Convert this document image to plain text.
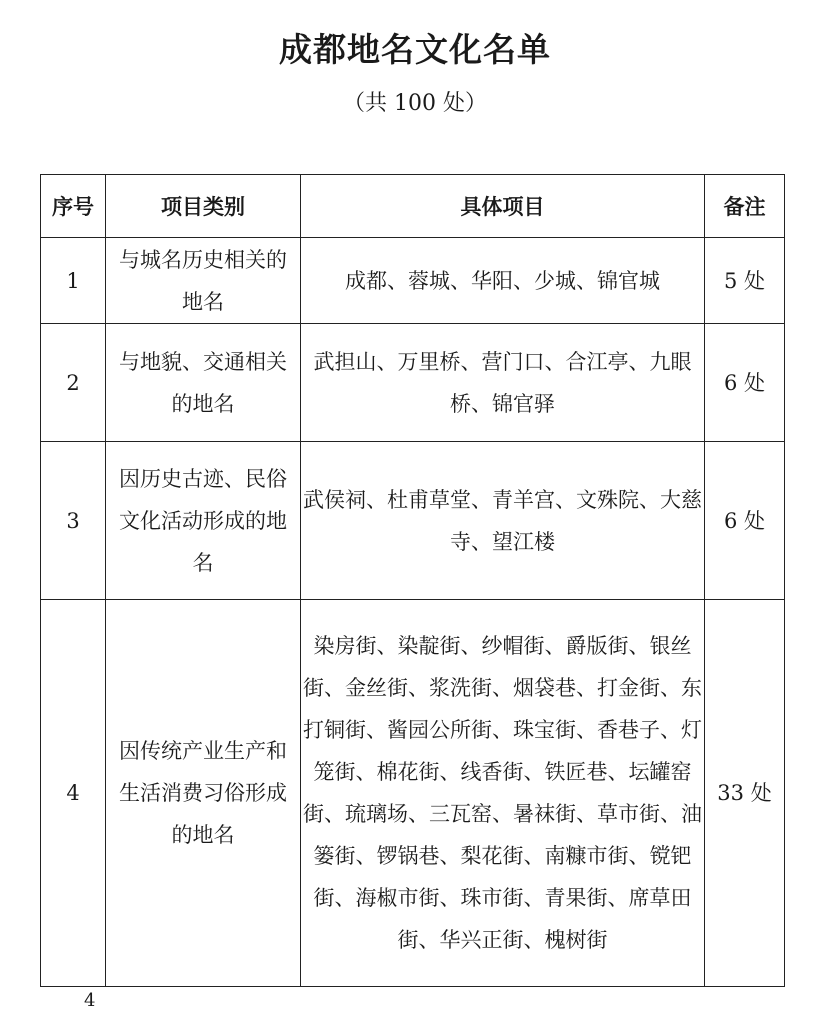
成都地名文化名单
（共 100 处）
序号	项目类别	具体项目	备注
1	与城名历史相关的地名	成都、蓉城、华阳、少城、锦官城	5 处
2	与地貌、交通相关的地名	武担山、万里桥、营门口、合江亭、九眼桥、锦官驿	6 处
3	因历史古迹、民俗文化活动形成的地名	武侯祠、杜甫草堂、青羊宫、文殊院、大慈寺、望江楼	6 处
4	因传统产业生产和生活消费习俗形成的地名	染房街、染靛街、纱帽街、爵版街、银丝街、金丝街、浆洗街、烟袋巷、打金街、东打铜街、酱园公所街、珠宝街、香巷子、灯笼街、棉花街、线香街、铁匠巷、坛罐窑街、琉璃场、三瓦窑、暑袜街、草市街、油篓街、锣锅巷、梨花街、南糠市街、镋钯街、海椒市街、珠市街、青果街、席草田街、华兴正街、槐树街	33 处
4
